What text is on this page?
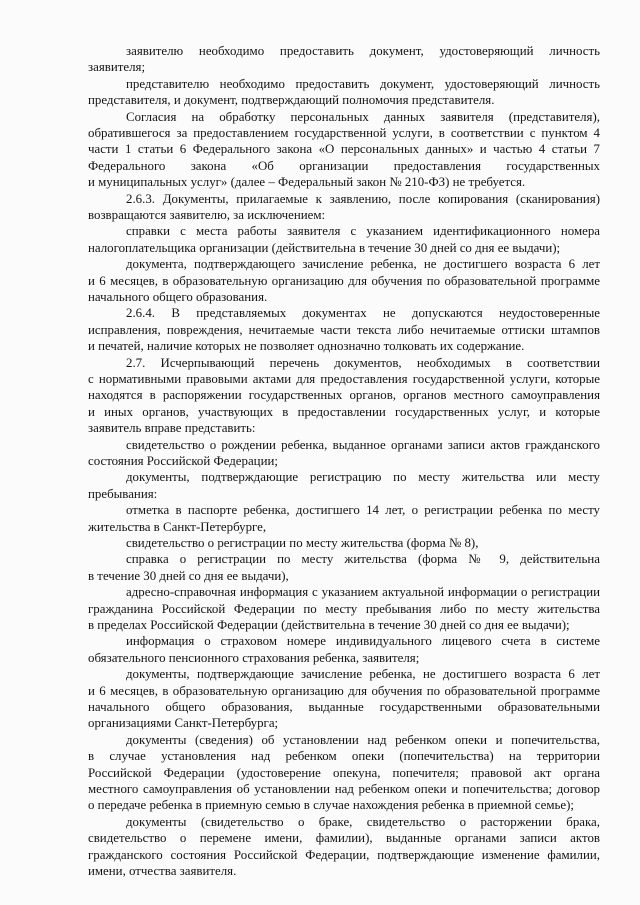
заявителю необходимо предоставить документ, удостоверяющий личность
заявителя;
представителю необходимо предоставить документ, удостоверяющий личность
представителя, и документ, подтверждающий полномочия представителя.
Согласия на обработку персональных данных заявителя (представителя),
обратившегося за предоставлением государственной услуги, в соответствии с пунктом 4
части 1 статьи 6 Федерального закона «О персональных данных» и частью 4 статьи 7
Федерального закона «Об организации предоставления государственных
и муниципальных услуг» (далее – Федеральный закон № 210-ФЗ) не требуется.
2.6.3. Документы, прилагаемые к заявлению, после копирования (сканирования)
возвращаются заявителю, за исключением:
справки с места работы заявителя с указанием идентификационного номера
налогоплательщика организации (действительна в течение 30 дней со дня ее выдачи);
документа, подтверждающего зачисление ребенка, не достигшего возраста 6 лет
и 6 месяцев, в образовательную организацию для обучения по образовательной программе
начального общего образования.
2.6.4. В представляемых документах не допускаются неудостоверенные
исправления, повреждения, нечитаемые части текста либо нечитаемые оттиски штампов
и печатей, наличие которых не позволяет однозначно толковать их содержание.
2.7. Исчерпывающий перечень документов, необходимых в соответствии
с нормативными правовыми актами для предоставления государственной услуги, которые
находятся в распоряжении государственных органов, органов местного самоуправления
и иных органов, участвующих в предоставлении государственных услуг, и которые
заявитель вправе представить:
свидетельство о рождении ребенка, выданное органами записи актов гражданского
состояния Российской Федерации;
документы, подтверждающие регистрацию по месту жительства или месту
пребывания:
отметка в паспорте ребенка, достигшего 14 лет, о регистрации ребенка по месту
жительства в Санкт-Петербурге,
свидетельство о регистрации по месту жительства (форма № 8),
справка о регистрации по месту жительства (форма № 9, действительна
в течение 30 дней со дня ее выдачи),
адресно-справочная информация с указанием актуальной информации о регистрации
гражданина Российской Федерации по месту пребывания либо по месту жительства
в пределах Российской Федерации (действительна в течение 30 дней со дня ее выдачи);
информация о страховом номере индивидуального лицевого счета в системе
обязательного пенсионного страхования ребенка, заявителя;
документы, подтверждающие зачисление ребенка, не достигшего возраста 6 лет
и 6 месяцев, в образовательную организацию для обучения по образовательной программе
начального общего образования, выданные государственными образовательными
организациями Санкт-Петербурга;
документы (сведения) об установлении над ребенком опеки и попечительства,
в случае установления над ребенком опеки (попечительства) на территории
Российской Федерации (удостоверение опекуна, попечителя; правовой акт органа
местного самоуправления об установлении над ребенком опеки и попечительства; договор
о передаче ребенка в приемную семью в случае нахождения ребенка в приемной семье);
документы (свидетельство о браке, свидетельство о расторжении брака,
свидетельство о перемене имени, фамилии), выданные органами записи актов
гражданского состояния Российской Федерации, подтверждающие изменение фамилии,
имени, отчества заявителя.
